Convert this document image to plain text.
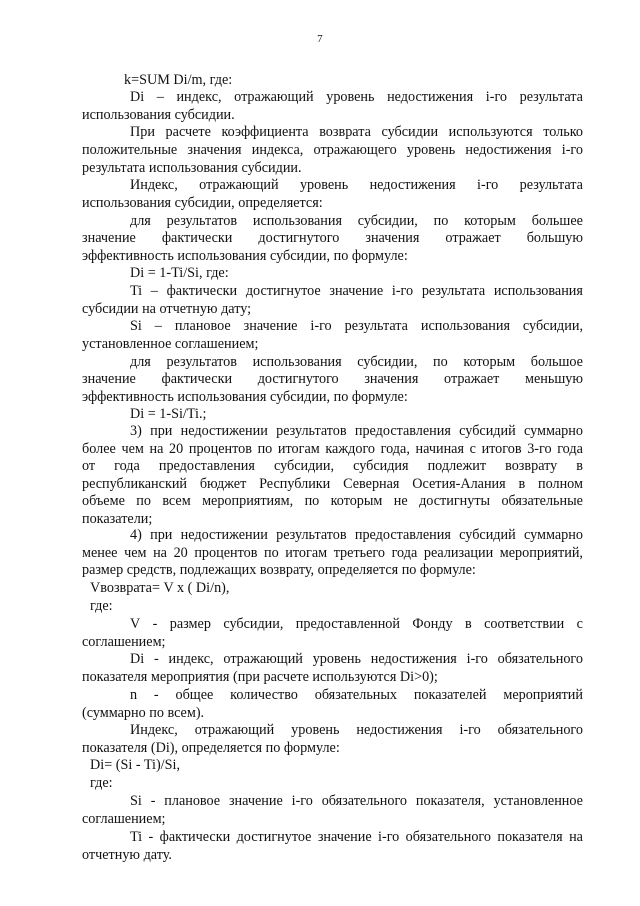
7
k=SUM Di/m, где:
Di – индекс, отражающий уровень недостижения i-го результата
использования субсидии.
При расчете коэффициента возврата субсидии используются только
положительные значения индекса, отражающего уровень недостижения i-го
результата использования субсидии.
Индекс, отражающий уровень недостижения i-го результата
использования субсидии, определяется:
для результатов использования субсидии, по которым большее
значение фактически достигнутого значения отражает большую
эффективность использования субсидии, по формуле:
Di = 1-Ti/Si, где:
Ti – фактически достигнутое значение i-го результата использования
субсидии на отчетную дату;
Si – плановое значение i-го результата использования субсидии,
установленное соглашением;
для результатов использования субсидии, по которым большое
значение фактически достигнутого значения отражает меньшую
эффективность использования субсидии, по формуле:
Di = 1-Si/Ti.;
3) при недостижении результатов предоставления субсидий суммарно
более чем на 20 процентов по итогам каждого года, начиная с итогов 3-го года
от года предоставления субсидии, субсидия подлежит возврату в
республиканский бюджет Республики Северная Осетия-Алания в полном
объеме по всем мероприятиям, по которым не достигнуты обязательные
показатели;
4) при недостижении результатов предоставления субсидий суммарно
менее чем на 20 процентов по итогам третьего года реализации мероприятий,
размер средств, подлежащих возврату, определяется по формуле:
Vвозврата= V x ( Di/n),
где:
V - размер субсидии, предоставленной Фонду в соответствии с
соглашением;
Di - индекс, отражающий уровень недостижения i-го обязательного
показателя мероприятия (при расчете используются Di>0);
n - общее количество обязательных показателей мероприятий
(суммарно по всем).
Индекс, отражающий уровень недостижения i-го обязательного
показателя (Di), определяется по формуле:
Di= (Si - Ti)/Si,
где:
Si - плановое значение i-го обязательного показателя, установленное
соглашением;
Ti - фактически достигнутое значение i-го обязательного показателя на
отчетную дату.
